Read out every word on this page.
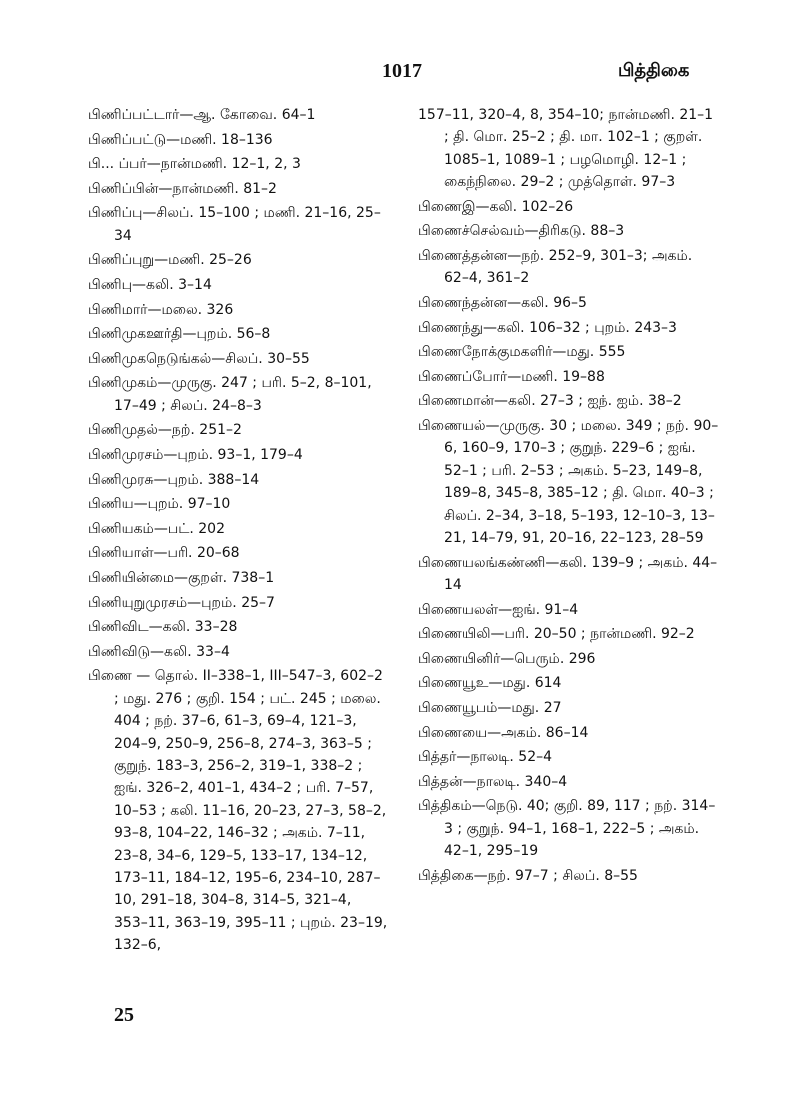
1017	பித்திகை
பிணிப்பட்டார்—ஆ. கோவை. 64–1
பிணிப்பட்டு—மணி. 18–136
பி... ப்பர்—நான்மணி. 12–1, 2, 3
பிணிப்பின்—நான்மணி. 81–2
பிணிப்பு—சிலப். 15–100 ; மணி. 21–16, 25–34
பிணிப்புறு—மணி. 25–26
பிணிபு—கலி. 3–14
பிணிமார்—மலை. 326
பிணிமுகஊர்தி—புறம். 56–8
பிணிமுகநெடுங்கல்—சிலப். 30–55
பிணிமுகம்—முருகு. 247 ; பரி. 5–2, 8–101, 17–49 ; சிலப். 24–8–3
பிணிமுதல்—நற். 251–2
பிணிமுரசம்—புறம். 93–1, 179–4
பிணிமுரசு—புறம். 388–14
பிணிய—புறம். 97–10
பிணியகம்—பட். 202
பிணியாள்—பரி. 20–68
பிணியின்மை—குறள். 738–1
பிணியுறுமுரசம்—புறம். 25–7
பிணிவிட—கலி. 33–28
பிணிவிடு—கலி. 33–4
பிணை — தொல். II–338–1, III–547–3, 602–2 ; மது. 276 ; குறி. 154 ; பட். 245 ; மலை. 404 ; நற். 37–6, 61–3, 69–4, 121–3, 204–9, 250–9, 256–8, 274–3, 363–5 ; குறுந். 183–3, 256–2, 319–1, 338–2 ; ஐங். 326–2, 401–1, 434–2 ; பரி. 7–57, 10–53 ; கலி. 11–16, 20–23, 27–3, 58–2, 93–8, 104–22, 146–32 ; அகம். 7–11, 23–8, 34–6, 129–5, 133–17, 134–12, 173–11, 184–12, 195–6, 234–10, 287–10, 291–18, 304–8, 314–5, 321–4, 353–11, 363–19, 395–11 ; புறம். 23–19, 132–6,
157–11, 320–4, 8, 354–10; நான்மணி. 21–1 ; தி. மொ. 25–2 ; தி. மா. 102–1 ; குறள். 1085–1, 1089–1 ; பழமொழி. 12–1 ; கைந்நிலை. 29–2 ; முத்தொள். 97–3
பிணைஇ—கலி. 102–26
பிணைச்செல்வம்—திரிகடு. 88–3
பிணைத்தன்ன—நற். 252–9, 301–3; அகம். 62–4, 361–2
பிணைந்தன்ன—கலி. 96–5
பிணைந்து—கலி. 106–32 ; புறம். 243–3
பிணைநோக்குமகளிர்—மது. 555
பிணைப்போர்—மணி. 19–88
பிணைமான்—கலி. 27–3 ; ஐந். ஐம். 38–2
பிணையல்—முருகு. 30 ; மலை. 349 ; நற். 90–6, 160–9, 170–3 ; குறுந். 229–6 ; ஐங். 52–1 ; பரி. 2–53 ; அகம். 5–23, 149–8, 189–8, 345–8, 385–12 ; தி. மொ. 40–3 ; சிலப். 2–34, 3–18, 5–193, 12–10–3, 13–21, 14–79, 91, 20–16, 22–123, 28–59
பிணையலங்கண்ணி—கலி. 139–9 ; அகம். 44–14
பிணையலள்—ஐங். 91–4
பிணையிலி—பரி. 20–50 ; நான்மணி. 92–2
பிணையினிர்—பெரும். 296
பிணையூஉ—மது. 614
பிணையூபம்—மது. 27
பிணையை—அகம். 86–14
பித்தர்—நாலடி. 52–4
பித்தன்—நாலடி. 340–4
பித்திகம்—நெடு. 40; குறி. 89, 117 ; நற். 314–3 ; குறுந். 94–1, 168–1, 222–5 ; அகம். 42–1, 295–19
பித்திகை—நற். 97–7 ; சிலப். 8–55
25
